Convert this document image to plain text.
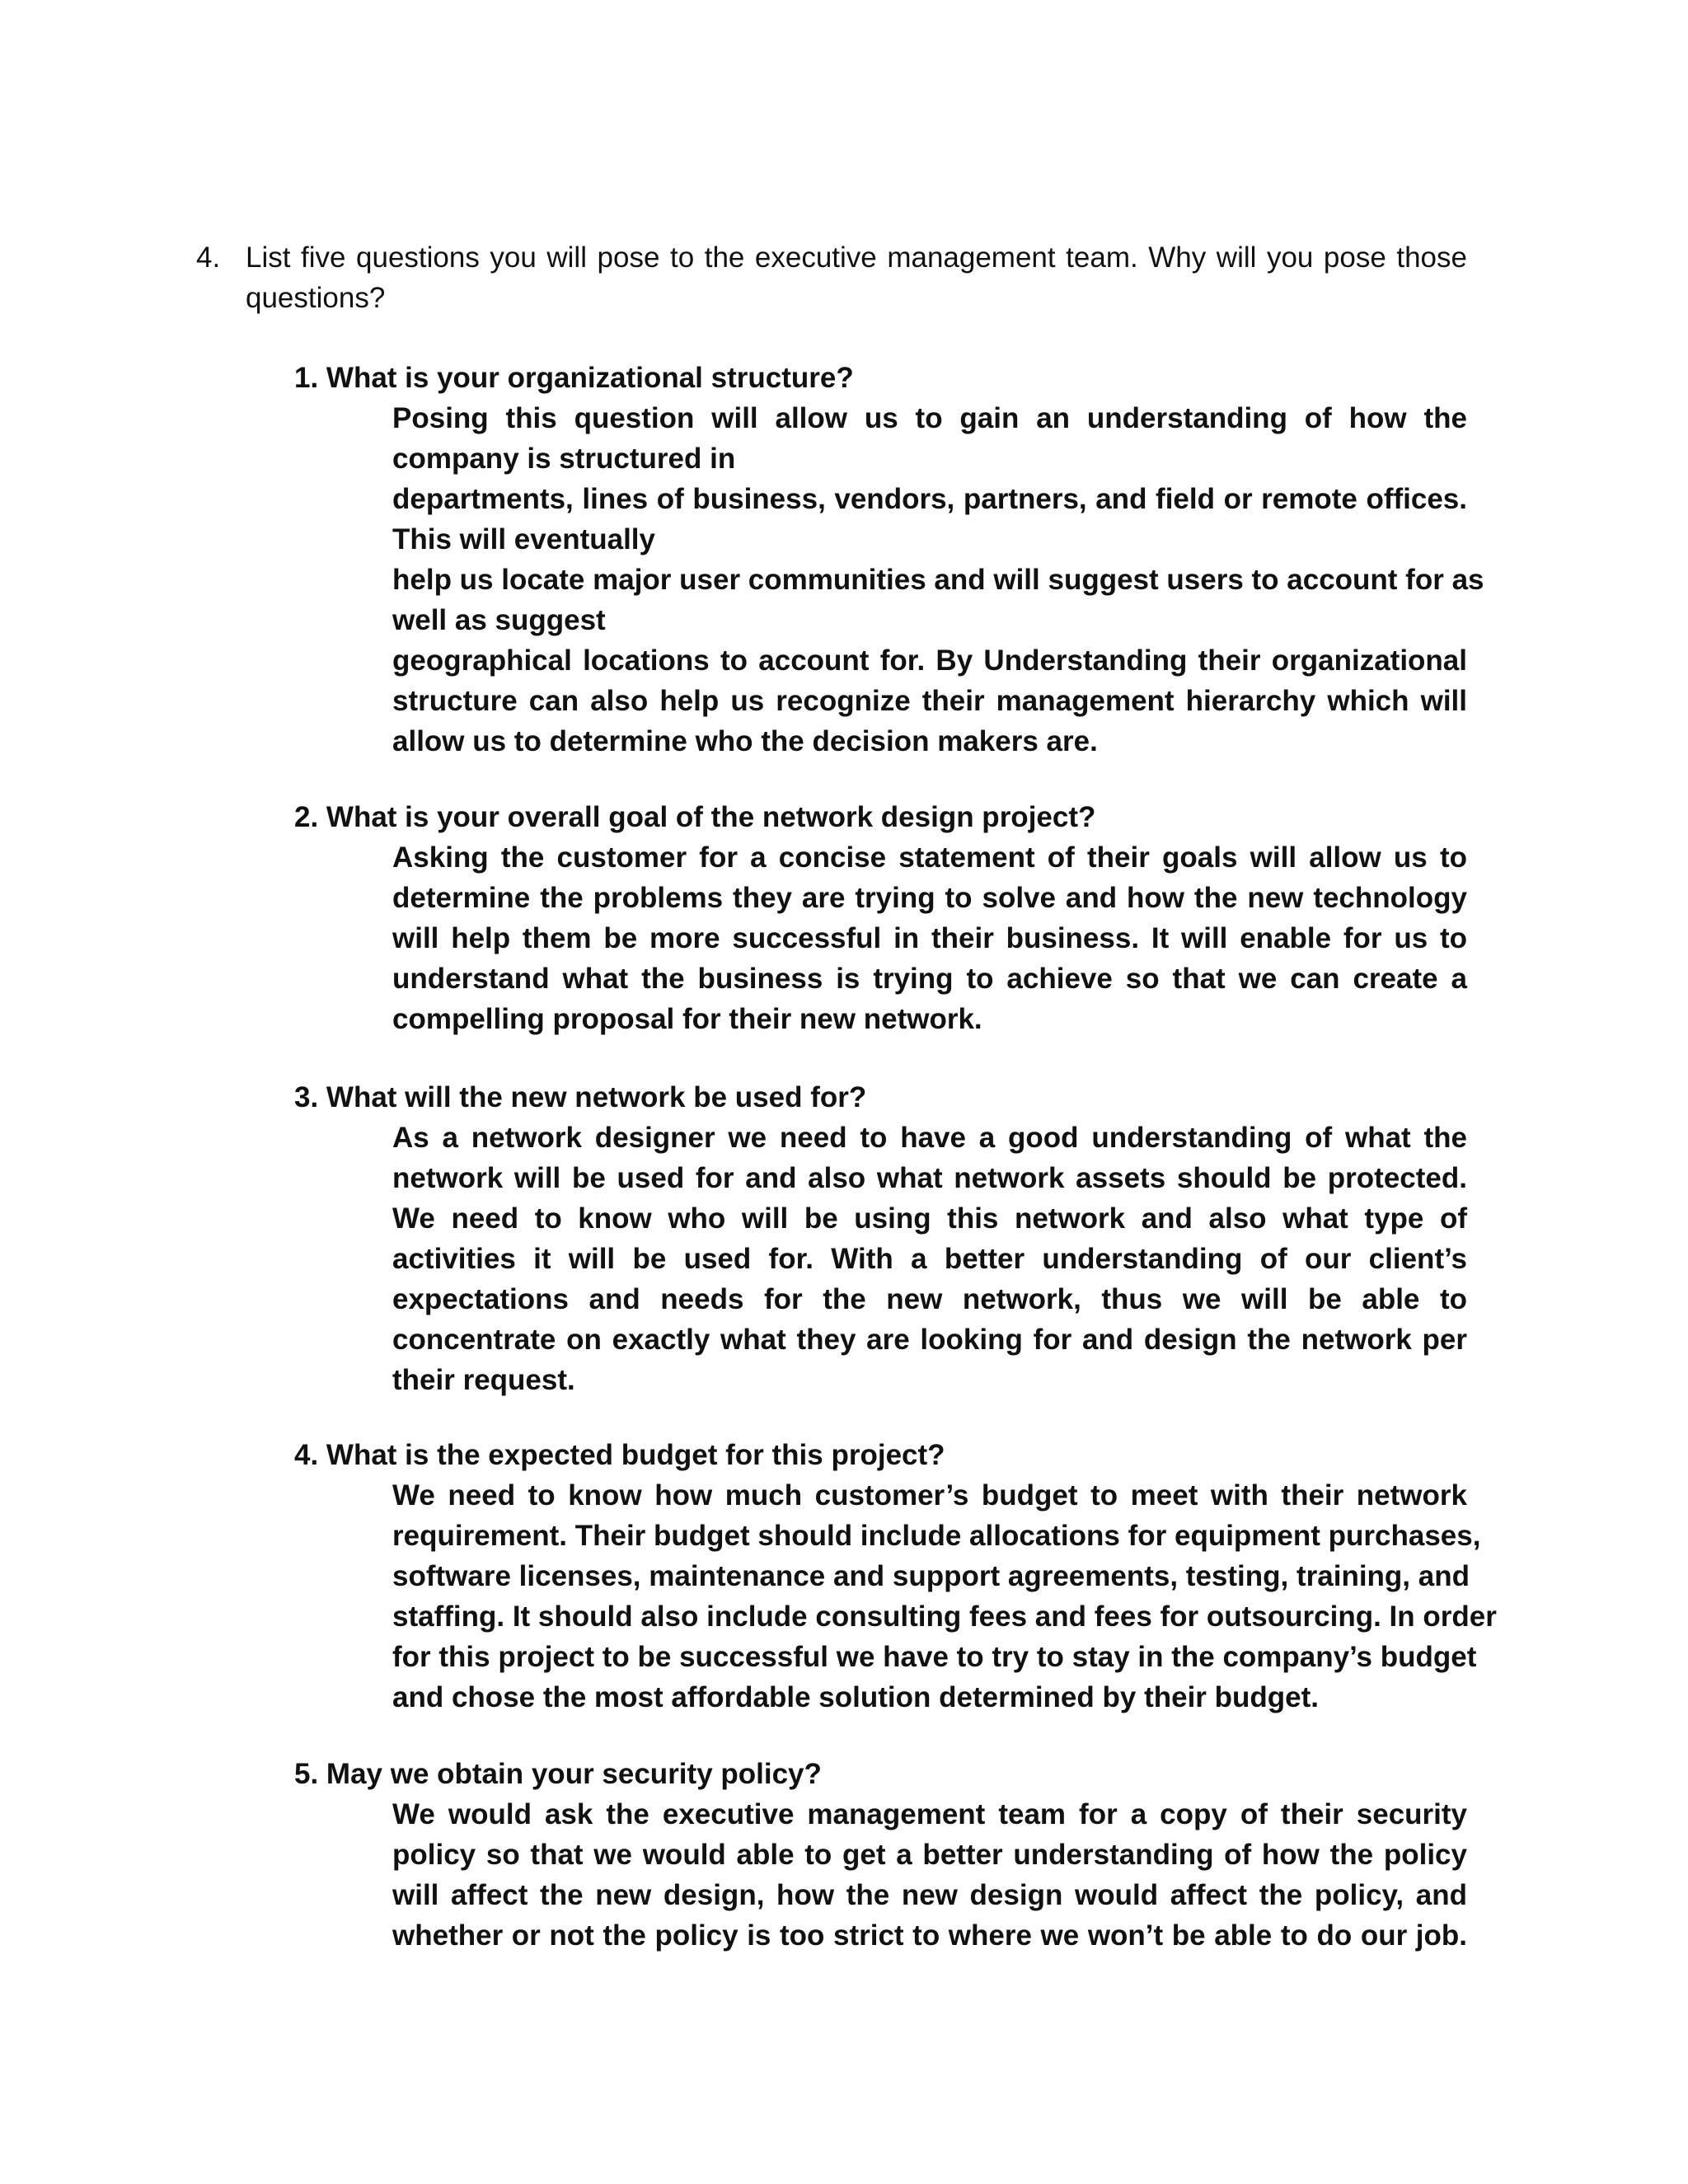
4. List five questions you will pose to the executive management team. Why will you pose those questions?
1. What is your organizational structure?
Posing this question will allow us to gain an understanding of how the
company is structured in
departments, lines of business, vendors, partners, and field or remote offices.
This will eventually
help us locate major user communities and will suggest users to account for as
well as suggest
geographical locations to account for. By Understanding their organizational
structure can also help us recognize their management hierarchy which will
allow us to determine who the decision makers are.
2. What is your overall goal of the network design project?
Asking the customer for a concise statement of their goals will allow us to
determine the problems they are trying to solve and how the new technology
will help them be more successful in their business. It will enable for us to
understand what the business is trying to achieve so that we can create a
compelling proposal for their new network.
3. What will the new network be used for?
As a network designer we need to have a good understanding of what the
network will be used for and also what network assets should be protected.
We need to know who will be using this network and also what type of
activities it will be used for. With a better understanding of our client’s
expectations and needs for the new network, thus we will be able to
concentrate on exactly what they are looking for and design the network per
their request.
4. What is the expected budget for this project?
We need to know how much customer’s budget to meet with their network
requirement. Their budget should include allocations for equipment purchases,
software licenses, maintenance and support agreements, testing, training, and
staffing. It should also include consulting fees and fees for outsourcing. In order
for this project to be successful we have to try to stay in the company’s budget
and chose the most affordable solution determined by their budget.
5. May we obtain your security policy?
We would ask the executive management team for a copy of their security
policy so that we would able to get a better understanding of how the policy
will affect the new design, how the new design would affect the policy, and
whether or not the policy is too strict to where we won’t be able to do our job.
